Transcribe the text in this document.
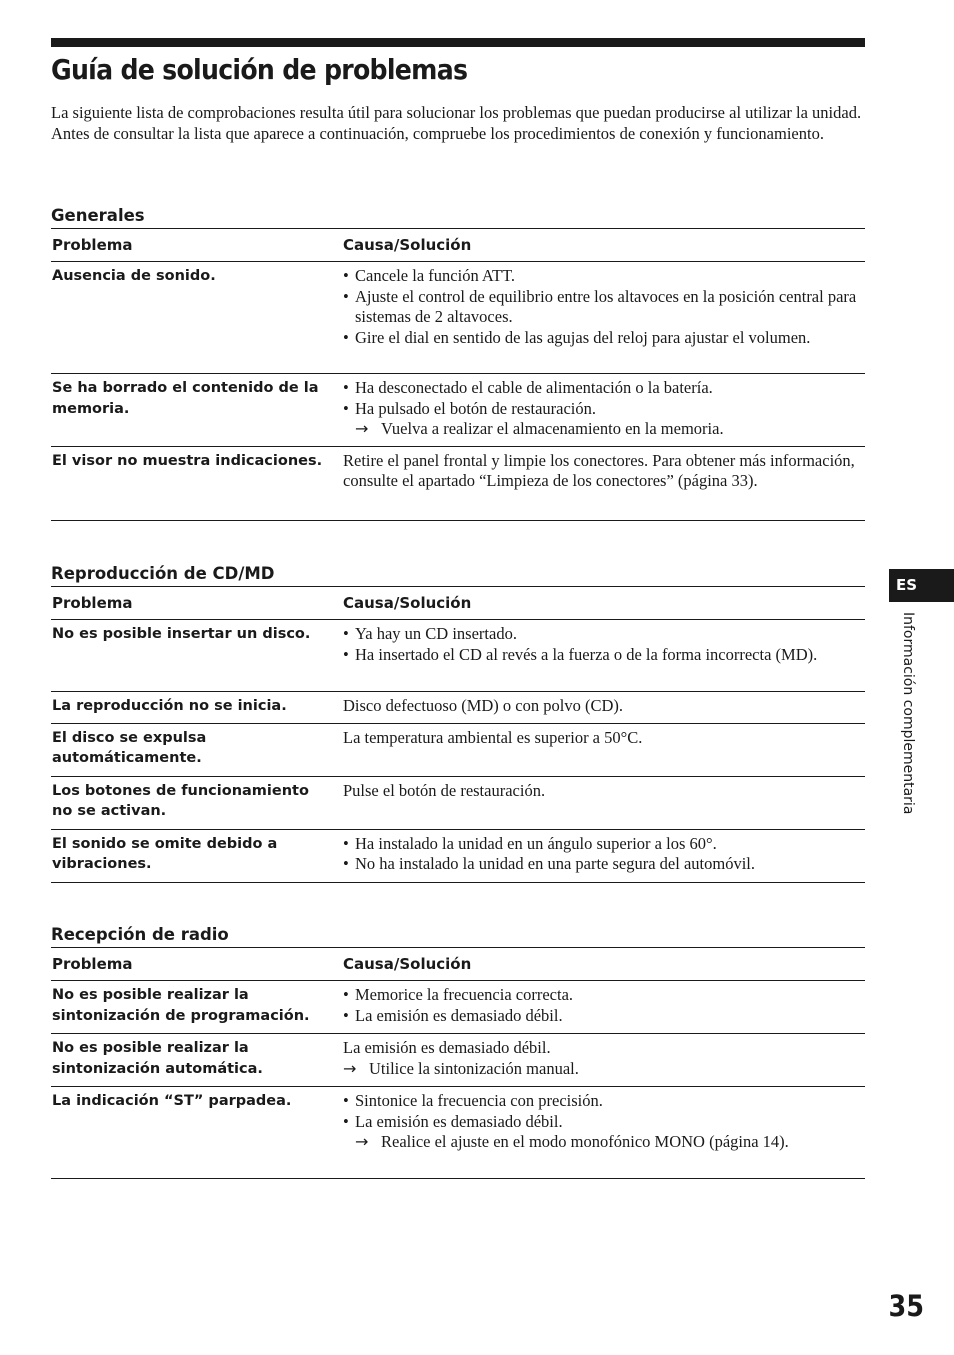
Guía de solución de problemas

La siguiente lista de comprobaciones resulta útil para solucionar los problemas que puedan producirse al utilizar la unidad.

Antes de consultar la lista que aparece a continuación, compruebe los procedimientos de conexión y funcionamiento.

Generales
Problema	Causa/Solución
Ausencia de sonido.	• Cancele la función ATT.
• Ajuste el control de equilibrio entre los altavoces en la posición central para sistemas de 2 altavoces.
• Gire el dial en sentido de las agujas del reloj para ajustar el volumen.

Se ha borrado el contenido de la memoria.	• Ha desconectado el cable de alimentación o la batería.
• Ha pulsado el botón de restauración.
→ Vuelva a realizar el almacenamiento en la memoria.

El visor no muestra indicaciones.	Retire el panel frontal y limpie los conectores. Para obtener más información, consulte el apartado “Limpieza de los conectores” (página 33).
Reproducción de CD/MD
Problema	Causa/Solución
No es posible insertar un disco.	• Ya hay un CD insertado.
• Ha insertado el CD al revés a la fuerza o de la forma incorrecta (MD).

La reproducción no se inicia.	Disco defectuoso (MD) o con polvo (CD).
El disco se expulsa automáticamente.	La temperatura ambiental es superior a 50°C.
Los botones de funcionamiento no se activan.	Pulse el botón de restauración.
El sonido se omite debido a vibraciones.	• Ha instalado la unidad en un ángulo superior a los 60°.
• No ha instalado la unidad en una parte segura del automóvil.
Recepción de radio
Problema	Causa/Solución
No es posible realizar la sintonización de programación.	• Memorice la frecuencia correcta.
• La emisión es demasiado débil.

No es posible realizar la sintonización automática.	La emisión es demasiado débil.
→ Utilice la sintonización manual.

La indicación “ST” parpadea.	• Sintonice la frecuencia con precisión.
• La emisión es demasiado débil.
→ Realice el ajuste en el modo monofónico MONO (página 14).
ES
Información complementaria
35
